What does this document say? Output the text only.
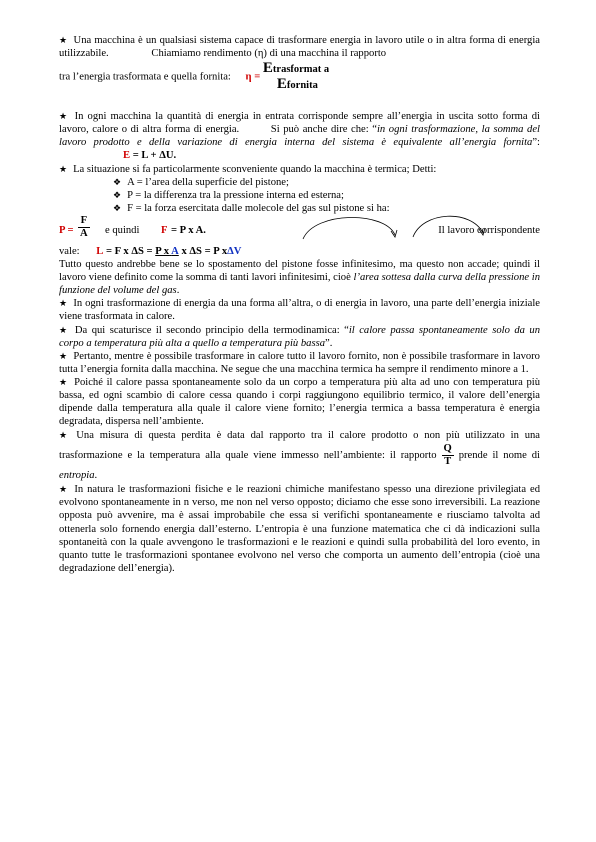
★ Una macchina è un qualsiasi sistema capace di trasformare energia in lavoro utile o in altra forma di energia utilizzabile.	Chiamiamo rendimento (η) di una macchina il rapporto

tra l’energia trasformata e quella fornita: η =
Etrasformat a
Efornita

★ In ogni macchina la quantità di energia in entrata corrisponde sempre all’energia in uscita sotto forma di lavoro, calore o di altra forma di energia.	Si può anche dire che: “in ogni trasformazione, la somma del lavoro prodotto e della variazione di energia interna del sistema è equivalente all’energia fornita”: E = L + ΔU.

★ La situazione si fa particolarmente sconveniente quando la macchina è termica; Detti:

❖ A = l’area della superficie del pistone;
❖ P = la differenza tra la pressione interna ed esterna;
❖ F = la forza esercitata dalle molecole del gas sul pistone si ha:
$P = \frac{F}{A}$ e quindi F = P x A.	Il lavoro corrispondente

vale: L = F x ΔS = P x A x ΔS = P xΔV

Tutto questo andrebbe bene se lo spostamento del pistone fosse infinitesimo, ma questo non accade; quindi il lavoro viene definito come la somma di tanti lavori infinitesimi, cioè l’area sottesa dalla curva della pressione in funzione del volume del gas.

★ In ogni trasformazione di energia da una forma all’altra, o di energia in lavoro, una parte dell’energia iniziale viene trasformata in calore.

★ Da qui scaturisce il secondo principio della termodinamica: “il calore passa spontaneamente solo da un corpo a temperatura più alta a quello a temperatura più bassa”.

★ Pertanto, mentre è possibile trasformare in calore tutto il lavoro fornito, non è possibile trasformare in lavoro tutta l’energia fornita dalla macchina. Ne segue che una macchina termica ha sempre il rendimento minore a 1.

★ Poiché il calore passa spontaneamente solo da un corpo a temperatura più alta ad uno con temperatura più bassa, ed ogni scambio di calore cessa quando i corpi raggiungono equilibrio termico, il valore dell’energia dipende dalla temperatura alla quale il calore viene fornito; l’energia termica a bassa temperatura è energia degradata, dispersa nell’ambiente.

★ Una misura di questa perdita è data dal rapporto tra il calore prodotto o non più utilizzato in una trasformazione e la temperatura alla quale viene immesso nell’ambiente: il rapporto $\frac{Q}{T}$ prende il nome di entropia.

★ In natura le trasformazioni fisiche e le reazioni chimiche manifestano spesso una direzione privilegiata ed evolvono spontaneamente in n verso, me non nel verso opposto; diciamo che esse sono irreversibili. La reazione opposta può avvenire, ma è assai improbabile che essa si verifichi spontaneamente e riusciamo talvolta ad ottenerla solo fornendo energia dall’esterno. L’entropia è una funzione matematica che ci dà indicazioni sulla spontaneità con la quale avvengono le trasformazioni e le reazioni e quindi sulla probabilità del loro evento, in quanto tutte le trasformazioni spontanee evolvono nel verso che comporta un aumento dell’entropia (cioè una degradazione dell’energia).
